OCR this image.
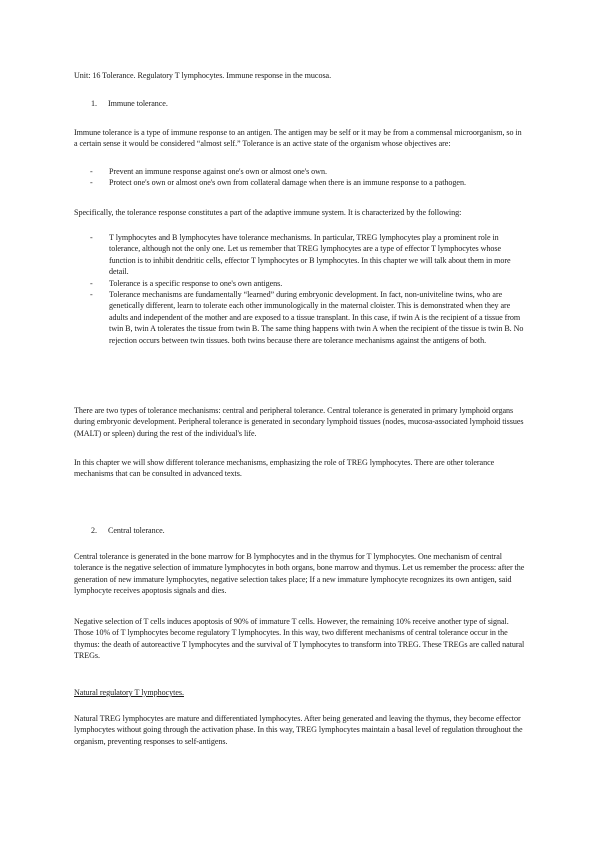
Unit: 16 Tolerance. Regulatory T lymphocytes. Immune response in the mucosa.

1. Immune tolerance.

Immune tolerance is a type of immune response to an antigen. The antigen may be self or it may be from a commensal microorganism, so in a certain sense it would be considered “almost self.” Tolerance is an active state of the organism whose objectives are:

- Prevent an immune response against one's own or almost one's own.
- Protect one's own or almost one's own from collateral damage when there is an immune response to a pathogen.

Specifically, the tolerance response constitutes a part of the adaptive immune system. It is characterized by the following:

- T lymphocytes and B lymphocytes have tolerance mechanisms. In particular, TREG lymphocytes play a prominent role in tolerance, although not the only one. Let us remember that TREG lymphocytes are a type of effector T lymphocytes whose function is to inhibit dendritic cells, effector T lymphocytes or B lymphocytes. In this chapter we will talk about them in more detail.
- Tolerance is a specific response to one's own antigens.
- Tolerance mechanisms are fundamentally “learned” during embryonic development. In fact, non-univiteline twins, who are genetically different, learn to tolerate each other immunologically in the maternal cloister. This is demonstrated when they are adults and independent of the mother and are exposed to a tissue transplant. In this case, if twin A is the recipient of a tissue from twin B, twin A tolerates the tissue from twin B. The same thing happens with twin A when the recipient of the tissue is twin B. No rejection occurs between twin tissues. both twins because there are tolerance mechanisms against the antigens of both.

There are two types of tolerance mechanisms: central and peripheral tolerance. Central tolerance is generated in primary lymphoid organs during embryonic development. Peripheral tolerance is generated in secondary lymphoid tissues (nodes, mucosa-associated lymphoid tissues (MALT) or spleen) during the rest of the individual's life.

In this chapter we will show different tolerance mechanisms, emphasizing the role of TREG lymphocytes. There are other tolerance mechanisms that can be consulted in advanced texts.

2. Central tolerance.

Central tolerance is generated in the bone marrow for B lymphocytes and in the thymus for T lymphocytes. One mechanism of central tolerance is the negative selection of immature lymphocytes in both organs, bone marrow and thymus. Let us remember the process: after the generation of new immature lymphocytes, negative selection takes place; If a new immature lymphocyte recognizes its own antigen, said lymphocyte receives apoptosis signals and dies.

Negative selection of T cells induces apoptosis of 90% of immature T cells. However, the remaining 10% receive another type of signal. Those 10% of T lymphocytes become regulatory T lymphocytes. In this way, two different mechanisms of central tolerance occur in the thymus: the death of autoreactive T lymphocytes and the survival of T lymphocytes to transform into TREG. These TREGs are called natural TREGs.

Natural regulatory T lymphocytes.

Natural TREG lymphocytes are mature and differentiated lymphocytes. After being generated and leaving the thymus, they become effector lymphocytes without going through the activation phase. In this way, TREG lymphocytes maintain a basal level of regulation throughout the organism, preventing responses to self-antigens.
